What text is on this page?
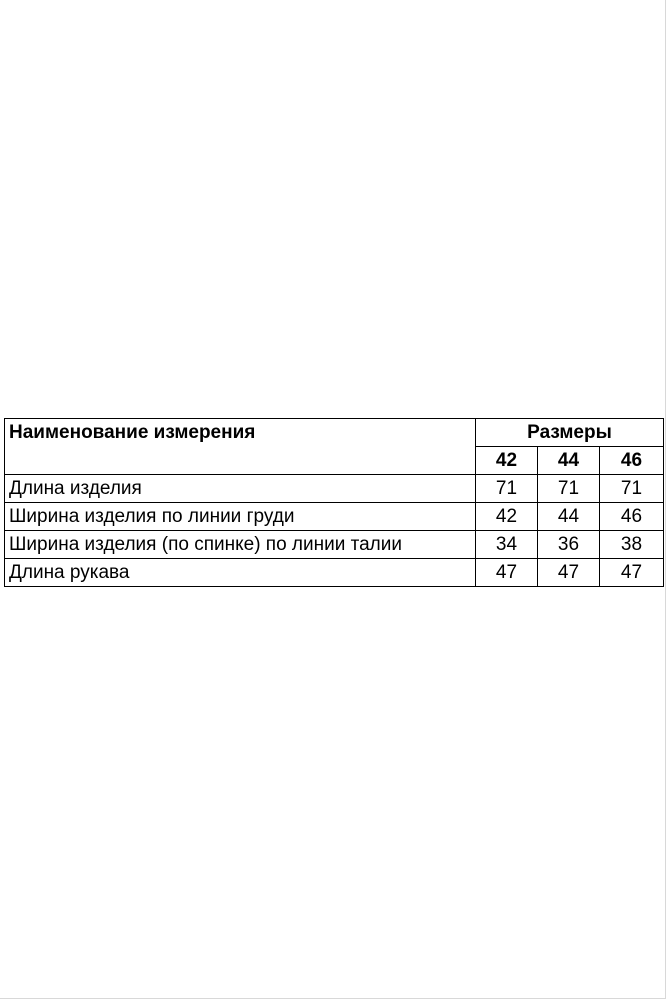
Наименование измерения	Размеры		
	42	44	46
Длина изделия	71	71	71
Ширина изделия по линии груди	42	44	46
Ширина изделия (по спинке) по линии талии	34	36	38
Длина рукава	47	47	47
